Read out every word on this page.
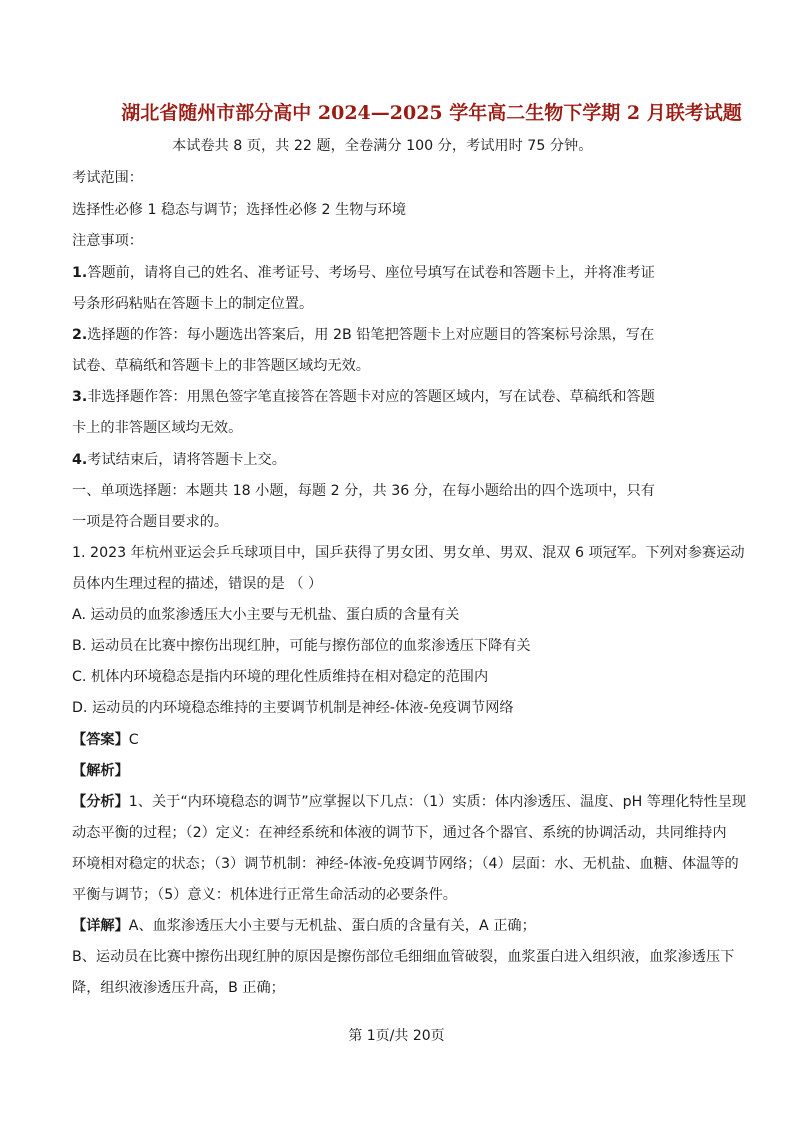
湖北省随州市部分高中 2024—2025 学年高二生物下学期 2 月联考试题
本试卷共 8 页，共 22 题，全卷满分 100 分，考试用时 75 分钟。
考试范围：
选择性必修 1 稳态与调节；选择性必修 2 生物与环境
注意事项：
1.答题前，请将自己的姓名、准考证号、考场号、座位号填写在试卷和答题卡上，并将准考证
号条形码粘贴在答题卡上的制定位置。
2.选择题的作答：每小题选出答案后，用 2B 铅笔把答题卡上对应题目的答案标号涂黑，写在
试卷、草稿纸和答题卡上的非答题区域均无效。
3.非选择题作答：用黑色签字笔直接答在答题卡对应的答题区域内，写在试卷、草稿纸和答题
卡上的非答题区域均无效。
4.考试结束后，请将答题卡上交。
一、单项选择题：本题共 18 小题，每题 2 分，共 36 分，在每小题给出的四个选项中，只有
一项是符合题目要求的。
1. 2023 年杭州亚运会乒乓球项目中，国乒获得了男女团、男女单、男双、混双 6 项冠军。下列对参赛运动
员体内生理过程的描述，错误的是 （ ）
A. 运动员的血浆渗透压大小主要与无机盐、蛋白质的含量有关
B. 运动员在比赛中擦伤出现红肿，可能与擦伤部位的血浆渗透压下降有关
C. 机体内环境稳态是指内环境的理化性质维持在相对稳定的范围内
D. 运动员的内环境稳态维持的主要调节机制是神经-体液-免疫调节网络
【答案】C
【解析】
【分析】1、关于“内环境稳态的调节”应掌握以下几点：（1）实质：体内渗透压、温度、pH 等理化特性呈现
动态平衡的过程；（2）定义：在神经系统和体液的调节下，通过各个器官、系统的协调活动，共同维持内
环境相对稳定的状态；（3）调节机制：神经-体液-免疫调节网络；（4）层面：水、无机盐、血糖、体温等的
平衡与调节；（5）意义：机体进行正常生命活动的必要条件。
【详解】A、血浆渗透压大小主要与无机盐、蛋白质的含量有关，A 正确；
B、运动员在比赛中擦伤出现红肿的原因是擦伤部位毛细细血管破裂，血浆蛋白进入组织液，血浆渗透压下
降，组织液渗透压升高，B 正确；
第 1页/共 20页
